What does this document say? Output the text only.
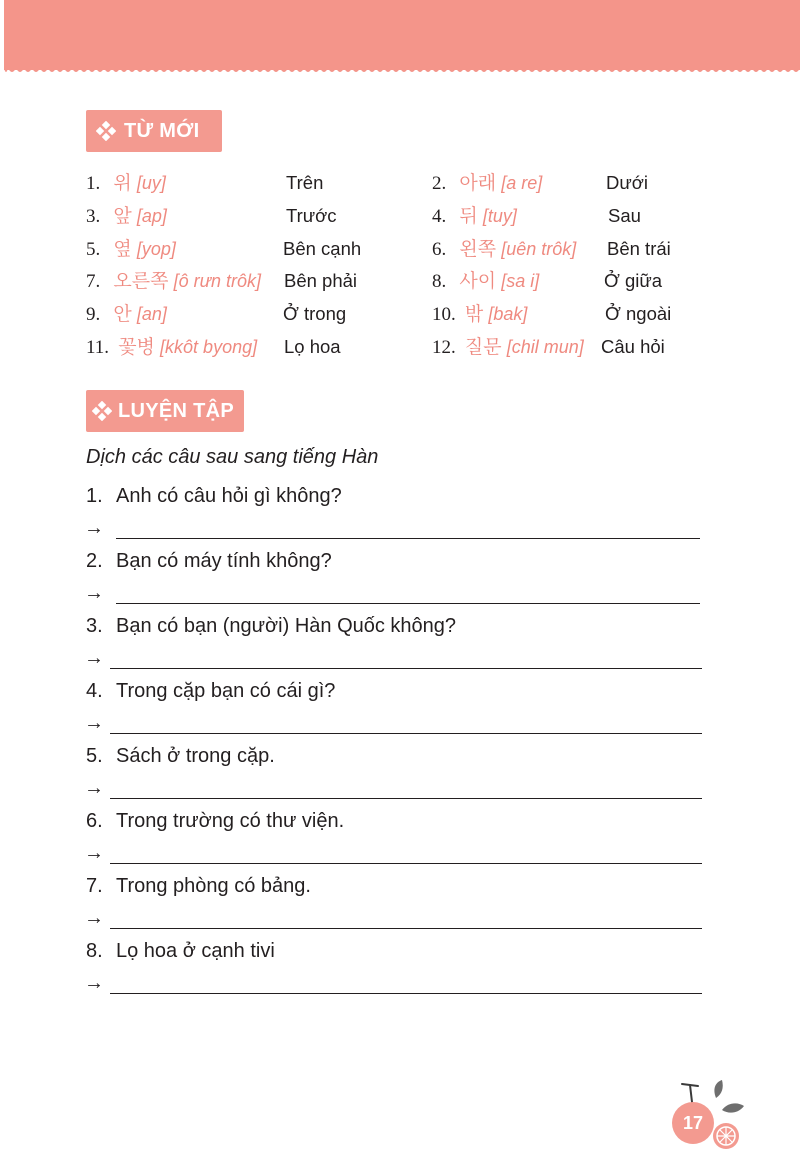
TỪ MỚI
1. 위 [uy]	Trên	2. 아래 [a re]	Dưới
3. 앞 [ap]	Trước	4. 뒤 [tuy]	Sau
5. 옆 [yop]	Bên cạnh	6. 왼쪽 [uên trôk] Bên trái
7. 오른쪽 [ô rưn trôk] Bên phải	8. 사이 [sa i]	Ở giữa
9. 안 [an]	Ở trong	10. 밖 [bak]	Ở ngoài
11. 꽃병 [kkôt byong] Lọ hoa	12. 질문 [chil mun] Câu hỏi
LUYỆN TẬP
Dịch các câu sau sang tiếng Hàn
1. Anh có câu hỏi gì không?
→
2. Bạn có máy tính không?
→
3. Bạn có bạn (người) Hàn Quốc không?
→
4. Trong cặp bạn có cái gì?
→
5. Sách ở trong cặp.
→
6. Trong trường có thư viện.
→
7. Trong phòng có bảng.
→
8. Lọ hoa ở cạnh tivi
→
17
